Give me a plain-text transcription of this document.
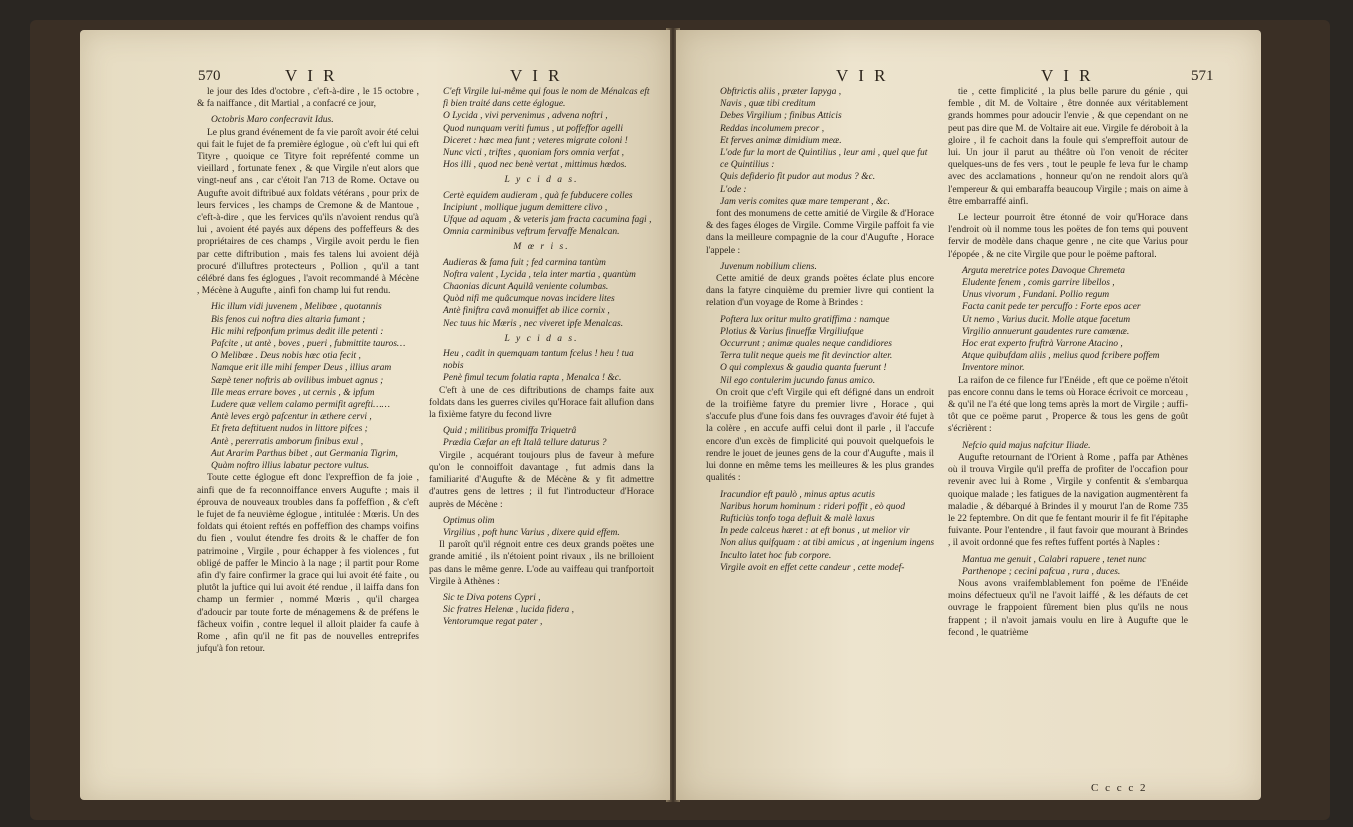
570	V I R	V I R
le jour des Ides d'octobre , c'eft-à-dire , le 15 octobre , & fa naiffance , dit Martial , a confacré ce jour,
Octobris Maro confecravit Idus.
Le plus grand événement de fa vie paroît avoir été celui qui fait le fujet de fa première églogue , où c'eft lui qui eft Tityre , quoique ce Tityre foit repréfenté comme un vieillard , fortunate fenex , & que Virgile n'eut alors que vingt-neuf ans , car c'étoit l'an 713 de Rome. Octave ou Augufte avoit diftribué aux foldats vétérans , pour prix de leurs fervices , les champs de Cremone & de Mantoue , c'eft-à-dire , que les fervices qu'ils n'avoient rendus qu'à lui , avoient été payés aux dépens des poffeffeurs & des propriétaires de ces champs , Virgile avoit perdu le fien par cette diftribution , mais fes talens lui avoient déjà procuré d'illuftres protecteurs , Pollion , qu'il a tant célébré dans fes églogues , l'avoit recommandé à Mécène , Mécène à Augufte , ainfi fon champ lui fut rendu.
Hic illum vidi juvenem , Melibœe , quotannis
Bis fenos cui noftra dies altaria fumant ;
Hic mihi refponfum primus dedit ille petenti :
Pafcite , ut antè , boves , pueri , fubmittite tauros…
O Melibœe . Deus nobis hœc otia fecit ,
Namque erit ille mihi femper Deus , illius aram
Sæpè tener noftris ab ovilibus imbuet agnus ;
Ille meas errare boves , ut cernis , & ipfum
Ludere quæ vellem calamo permifit agrefti……
Antè leves ergò pafcentur in æthere cervi ,
Et freta deftituent nudos in littore pifces ;
Antè , pererratis amborum finibus exul ,
Aut Ararim Parthus bibet , aut Germania Tigrim,
Quàm noftro illius labatur pectore vultus.
Toute cette églogue eft donc l'expreffion de fa joie , ainfi que de fa reconnoiffance envers Augufte ; mais il éprouva de nouveaux troubles dans fa poffeffion , & c'eft le fujet de fa neuvième églogue , intitulée : Mœris. Un des foldats qui étoient reftés en poffeffion des champs voifins du fien , voulut étendre fes droits & le chaffer de fon patrimoine , Virgile , pour échapper à fes violences , fut obligé de paffer le Mincio à la nage ; il partit pour Rome afin d'y faire confirmer la grace qui lui avoit été faite , ou plutôt la juftice qui lui avoit été rendue , il laiffa dans fon champ un fermier , nommé Mœris , qu'il chargea d'adoucir par toute forte de ménagemens & de préfens le fâcheux voifin , contre lequel il alloit plaider fa caufe à Rome , afin qu'il ne fit pas de nouvelles entreprifes jufqu'à fon retour.
C'eft Virgile lui-même qui fous le nom de Ménalcas eft fi bien traité dans cette églogue.
O Lycida , vivi pervenimus , advena noftri ,
Quod nunquam veriti fumus , ut poffeffor agelli
Diceret : hæc mea funt ; veteres migrate coloni !
Nunc victi , triftes , quoniam fors omnia verfat ,
Hos illi , quod nec benè vertat , mittimus hœdos.
L y c i d a s.
Certè equidem audieram , quà fe fubducere colles
Incipiunt , mollique jugum demittere clivo ,
Ufque ad aquam , & veteris jam fracta cacumina fagi ,
Omnia carminibus veftrum fervaffe Menalcan.
M œ r i s.
Audieras & fama fuit ; fed carmina tantùm
Noftra valent , Lycida , tela inter martia , quantùm
Chaonias dicunt Aquilâ veniente columbas.
Quòd nifi me quâcumque novas incidere lites
Antè finiftra cavâ monuiffet ab ilice cornix ,
Nec tuus hic Mœris , nec viveret ipfe Menalcas.
L y c i d a s.
Heu , cadit in quemquam tantum fcelus ! heu ! tua nobis
Penè fimul tecum folatia rapta , Menalca ! &c.
C'eft à une de ces diftributions de champs faite aux foldats dans les guerres civiles qu'Horace fait allufion dans la fixième fatyre du fecond livre
Quid ; militibus promiffa Triquetrâ
Prædia Cæfar an eft Italâ tellure daturus ?
Virgile , acquérant toujours plus de faveur à mefure qu'on le connoiffoit davantage , fut admis dans la familiarité d'Augufte & de Mécène & y fit admettre d'autres gens de lettres ; il fut l'introducteur d'Horace auprès de Mécène :
Optimus olim
Virgilius , poft hunc Varius , dixere quid effem.
Il paroît qu'il régnoit entre ces deux grands poëtes une grande amitié , ils n'étoient point rivaux , ils ne brilloient pas dans le même genre. L'ode au vaiffeau qui tranfportoit Virgile à Athènes :
Sic te Diva potens Cypri ,
Sic fratres Helenæ , lucida fidera ,
Ventorumque regat pater ,
V I R	V I R	571
Obftrictis aliis , præter Iapyga ,
Navis , quæ tibi creditum
Debes Virgilium ; finibus Atticis
Reddas incolumem precor ,
Et ferves animæ dimidium meæ.
L'ode fur la mort de Quintilius , leur ami , quel que fut ce Quintilius :
Quis defiderio fit pudor aut modus ? &c.
L'ode :
Jam veris comites quæ mare temperant , &c.
font des monumens de cette amitié de Virgile & d'Horace & des fages éloges de Virgile. Comme Virgile paffoit fa vie dans la meilleure compagnie de la cour d'Augufte , Horace l'appele :
Juvenum nobilium cliens.
Cette amitié de deux grands poëtes éclate plus encore dans la fatyre cinquième du premier livre qui contient la relation d'un voyage de Rome à Brindes :
Poftera lux oritur multo gratiffima : namque
Plotius & Varius finueffæ Virgiliufque
Occurrunt ; animæ quales neque candidiores
Terra tulit neque queis me fit devinctior alter.
O qui complexus & gaudia quanta fuerunt !
Nil ego contulerim jucundo fanus amico.
On croit que c'eft Virgile qui eft défigné dans un endroit de la troifième fatyre du premier livre , Horace , qui s'accufe plus d'une fois dans fes ouvrages d'avoir été fujet à la colère , en accufe auffi celui dont il parle , il l'accufe encore d'un excès de fimplicité qui pouvoit quelquefois le rendre le jouet de jeunes gens de la cour d'Augufte , mais il lui donne en même tems les meilleures & les plus grandes qualités :
Iracundior eft paulò , minus aptus acutis
Naribus horum hominum : rideri poffit , eò quod
Rufticiùs tonfo toga defluit & malè laxus
In pede calceus hæret : at eft bonus , ut melior vir
Non alius quifquam : at tibi amicus , at ingenium ingens
Inculto latet hoc fub corpore.
Virgile avoit en effet cette candeur , cette modef-
tie , cette fimplicité , la plus belle parure du génie , qui femble , dit M. de Voltaire , être donnée aux véritablement grands hommes pour adoucir l'envie , & que cependant on ne peut pas dire que M. de Voltaire ait eue. Virgile fe déroboit à la gloire , il fe cachoit dans la foule qui s'empreffoit autour de lui. Un jour il parut au théâtre où l'on venoit de réciter quelques-uns de fes vers , tout le peuple fe leva fur le champ avec des acclamations , honneur qu'on ne rendoit alors qu'à l'empereur & qui embaraffa beaucoup Virgile ; mais on aime à être embarraffé ainfi.
Le lecteur pourroit être étonné de voir qu'Horace dans l'endroit où il nomme tous les poëtes de fon tems qui pouvent fervir de modèle dans chaque genre , ne cite que Varius pour l'épopée , & ne cite Virgile que pour le poëme paftoral.
Arguta meretrice potes Davoque Chremeta
Eludente fenem , comis garrire libellos ,
Unus vivorum , Fundani. Pollio regum
Facta canit pede ter percuffo : Forte epos acer
Ut nemo , Varius ducit. Molle atque facetum
Virgilio annuerunt gaudentes rure camœnæ.
Hoc erat experto fruftrà Varrone Atacino ,
Atque quibufdam aliis , melius quod fcribere poffem
Inventore minor.
La raifon de ce filence fur l'Enéide , eft que ce poëme n'étoit pas encore connu dans le tems où Horace écrivoit ce morceau , & qu'il ne l'a été que long tems après la mort de Virgile ; auffi-tôt que ce poëme parut , Properce & tous les gens de goût s'écrièrent :
Nefcio quid majus nafcitur Iliade.
Augufte retournant de l'Orient à Rome , paffa par Athènes où il trouva Virgile qu'il preffa de profiter de l'occafion pour revenir avec lui à Rome , Virgile y confentit & s'embarqua quoique malade ; les fatigues de la navigation augmentèrent fa maladie , & débarqué à Brindes il y mourut l'an de Rome 735 le 22 feptembre. On dit que fe fentant mourir il fe fit l'épitaphe fuivante. Pour l'entendre , il faut favoir que mourant à Brindes , il avoit ordonné que fes reftes fuffent portés à Naples :
Mantua me genuit , Calabri rapuere , tenet nunc
Parthenope ; cecini pafcua , rura , duces.
Nous avons vraifemblablement fon poëme de l'Enéide moins défectueux qu'il ne l'avoit laiffé , & les défauts de cet ouvrage le frappoient fûrement bien plus qu'ils ne nous frappent ; il n'avoit jamais voulu en lire à Augufte que le fecond , le quatrième
C c c c 2
